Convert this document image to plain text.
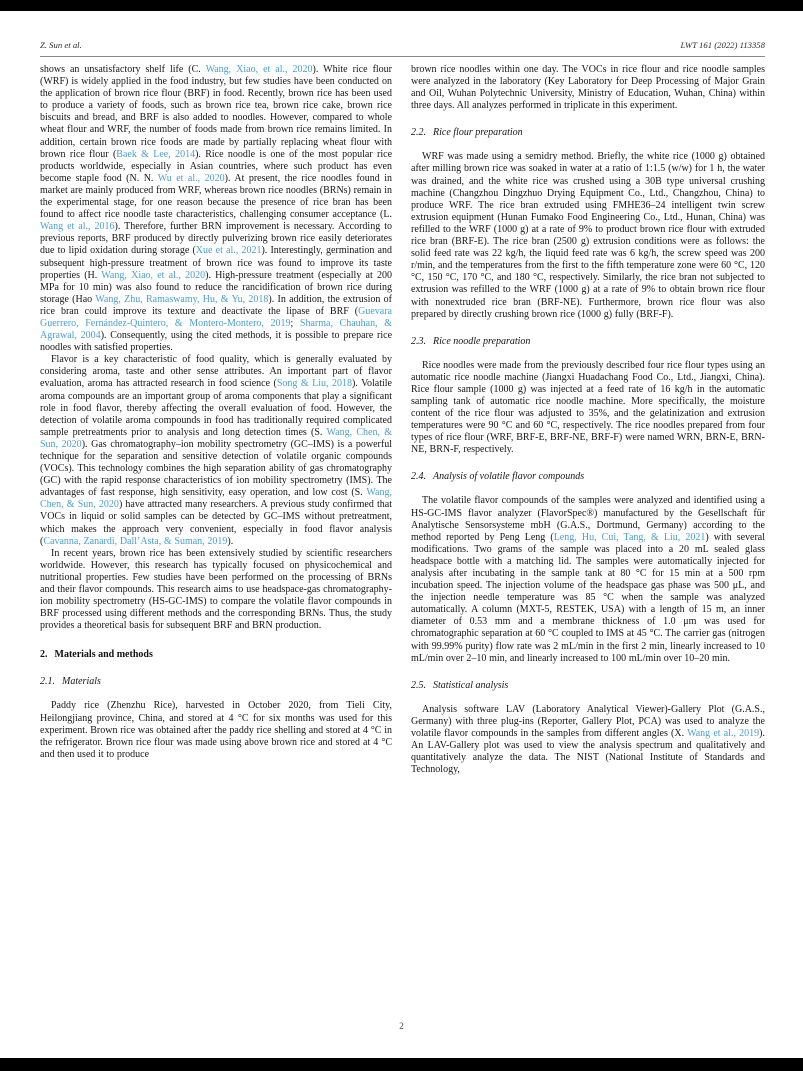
Z. Sun et al.	LWT 161 (2022) 113358

shows an unsatisfactory shelf life (C. Wang, Xiao, et al., 2020). White rice flour (WRF) is widely applied in the food industry, but few studies have been conducted on the application of brown rice flour (BRF) in food. Recently, brown rice has been used to produce a variety of foods, such as brown rice tea, brown rice cake, brown rice biscuits and bread, and BRF is also added to noodles. However, compared to whole wheat flour and WRF, the number of foods made from brown rice remains limited. In addition, certain brown rice foods are made by partially replacing wheat flour with brown rice flour (Baek & Lee, 2014). Rice noodle is one of the most popular rice products worldwide, especially in Asian countries, where such product has even become staple food (N. N. Wu et al., 2020). At present, the rice noodles found in market are mainly produced from WRF, whereas brown rice noodles (BRNs) remain in the experimental stage, for one reason because the presence of rice bran has been found to affect rice noodle taste characteristics, challenging consumer acceptance (L. Wang et al., 2016). Therefore, further BRN improvement is necessary. According to previous reports, BRF produced by directly pulverizing brown rice easily deteriorates due to lipid oxidation during storage (Xue et al., 2021). Interestingly, germination and subsequent high-pressure treatment of brown rice was found to improve its taste properties (H. Wang, Xiao, et al., 2020). High-pressure treatment (especially at 200 MPa for 10 min) was also found to reduce the rancidification of brown rice during storage (Hao Wang, Zhu, Ramaswamy, Hu, & Yu, 2018). In addition, the extrusion of rice bran could improve its texture and deactivate the lipase of BRF (Guevara Guerrero, Fernández-Quintero, & Montero-Montero, 2019; Sharma, Chauhan, & Agrawal, 2004). Consequently, using the cited methods, it is possible to prepare rice noodles with satisfied properties.

Flavor is a key characteristic of food quality, which is generally evaluated by considering aroma, taste and other sense attributes. An important part of flavor evaluation, aroma has attracted research in food science (Song & Liu, 2018). Volatile aroma compounds are an important group of aroma components that play a significant role in food flavor, thereby affecting the overall evaluation of food. However, the detection of volatile aroma compounds in food has traditionally required complicated sample pretreatments prior to analysis and long detection times (S. Wang, Chen, & Sun, 2020). Gas chromatography–ion mobility spectrometry (GC–IMS) is a powerful technique for the separation and sensitive detection of volatile organic compounds (VOCs). This technology combines the high separation ability of gas chromatography (GC) with the rapid response characteristics of ion mobility spectrometry (IMS). The advantages of fast response, high sensitivity, easy operation, and low cost (S. Wang, Chen, & Sun, 2020) have attracted many researchers. A previous study confirmed that VOCs in liquid or solid samples can be detected by GC–IMS without pretreatment, which makes the approach very convenient, especially in food flavor analysis (Cavanna, Zanardi, Dall’Asta, & Suman, 2019).

In recent years, brown rice has been extensively studied by scientific researchers worldwide. However, this research has typically focused on physicochemical and nutritional properties. Few studies have been performed on the processing of BRNs and their flavor compounds. This research aims to use headspace-gas chromatography-ion mobility spectrometry (HS-GC-IMS) to compare the volatile flavor compounds in BRF processed using different methods and the corresponding BRNs. Thus, the study provides a theoretical basis for subsequent BRF and BRN production.

2. Materials and methods
2.1. Materials

Paddy rice (Zhenzhu Rice), harvested in October 2020, from Tieli City, Heilongjiang province, China, and stored at 4 °C for six months was used for this experiment. Brown rice was obtained after the paddy rice shelling and stored at 4 °C in the refrigerator. Brown rice flour was made using above brown rice and stored at 4 °C and then used it to produce

brown rice noodles within one day. The VOCs in rice flour and rice noodle samples were analyzed in the laboratory (Key Laboratory for Deep Processing of Major Grain and Oil, Wuhan Polytechnic University, Ministry of Education, Wuhan, China) within three days. All analyzes performed in triplicate in this experiment.

2.2. Rice flour preparation

WRF was made using a semidry method. Briefly, the white rice (1000 g) obtained after milling brown rice was soaked in water at a ratio of 1:1.5 (w/w) for 1 h, the water was drained, and the white rice was crushed using a 30B type universal crushing machine (Changzhou Dingzhuo Drying Equipment Co., Ltd., Changzhou, China) to produce WRF. The rice bran extruded using FMHE36–24 intelligent twin screw extrusion equipment (Hunan Fumako Food Engineering Co., Ltd., Hunan, China) was refilled to the WRF (1000 g) at a rate of 9% to product brown rice flour with extruded rice bran (BRF-E). The rice bran (2500 g) extrusion conditions were as follows: the solid feed rate was 22 kg/h, the liquid feed rate was 6 kg/h, the screw speed was 200 r/min, and the temperatures from the first to the fifth temperature zone were 60 °C, 120 °C, 150 °C, 170 °C, and 180 °C, respectively. Similarly, the rice bran not subjected to extrusion was refilled to the WRF (1000 g) at a rate of 9% to obtain brown rice flour with nonextruded rice bran (BRF-NE). Furthermore, brown rice flour was also prepared by directly crushing brown rice (1000 g) fully (BRF-F).

2.3. Rice noodle preparation

Rice noodles were made from the previously described four rice flour types using an automatic rice noodle machine (Jiangxi Huadachang Food Co., Ltd., Jiangxi, China). Rice flour sample (1000 g) was injected at a feed rate of 16 kg/h in the automatic sampling tank of automatic rice noodle machine. More specifically, the moisture content of the rice flour was adjusted to 35%, and the gelatinization and extrusion temperatures were 90 °C and 60 °C, respectively. The rice noodles prepared from four types of rice flour (WRF, BRF-E, BRF-NE, BRF-F) were named WRN, BRN-E, BRN-NE, BRN-F, respectively.

2.4. Analysis of volatile flavor compounds

The volatile flavor compounds of the samples were analyzed and identified using a HS-GC-IMS flavor analyzer (FlavorSpec®) manufactured by the Gesellschaft für Analytische Sensorsysteme mbH (G.A.S., Dortmund, Germany) according to the method reported by Peng Leng (Leng, Hu, Cui, Tang, & Liu, 2021) with several modifications. Two grams of the sample was placed into a 20 mL sealed glass headspace bottle with a matching lid. The samples were automatically injected for analysis after incubating in the sample tank at 80 °C for 15 min at a 500 rpm incubation speed. The injection volume of the headspace gas phase was 500 μL, and the injection needle temperature was 85 °C when the sample was analyzed automatically. A column (MXT-5, RESTEK, USA) with a length of 15 m, an inner diameter of 0.53 mm and a membrane thickness of 1.0 μm was used for chromatographic separation at 60 °C coupled to IMS at 45 °C. The carrier gas (nitrogen with 99.99% purity) flow rate was 2 mL/min in the first 2 min, linearly increased to 10 mL/min over 2–10 min, and linearly increased to 100 mL/min over 10–20 min.

2.5. Statistical analysis

Analysis software LAV (Laboratory Analytical Viewer)-Gallery Plot (G.A.S., Germany) with three plug-ins (Reporter, Gallery Plot, PCA) was used to analyze the volatile flavor compounds in the samples from different angles (X. Wang et al., 2019). An LAV-Gallery plot was used to view the analysis spectrum and qualitatively and quantitatively analyze the data. The NIST (National Institute of Standards and Technology,

2
